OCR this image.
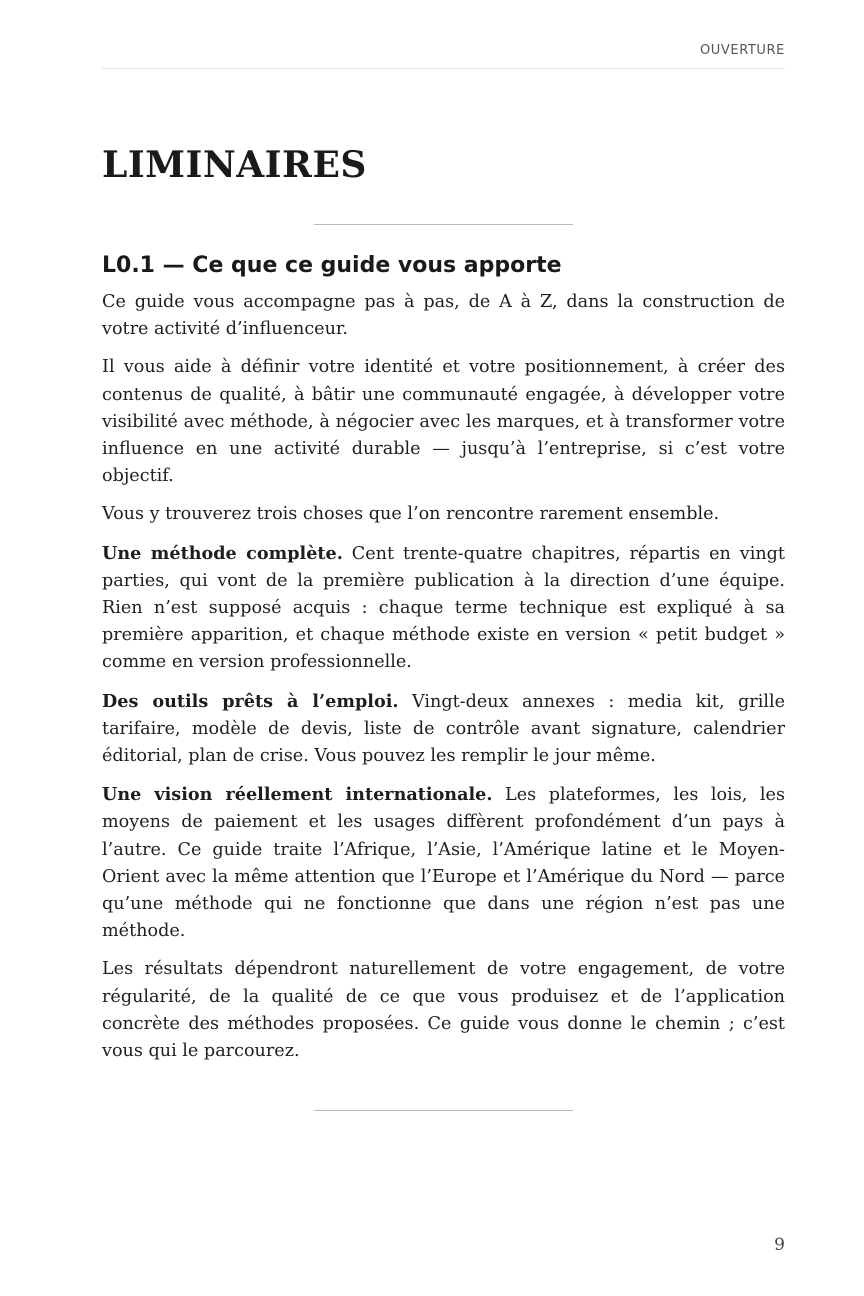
OUVERTURE
LIMINAIRES
L0.1 — Ce que ce guide vous apporte

Ce guide vous accompagne pas à pas, de A à Z, dans la construction de votre activité d’influenceur.

Il vous aide à définir votre identité et votre positionnement, à créer des contenus de qualité, à bâtir une communauté engagée, à développer votre visibilité avec méthode, à négocier avec les marques, et à transformer votre influence en une activité durable — jusqu’à l’entreprise, si c’est votre objectif.

Vous y trouverez trois choses que l’on rencontre rarement ensemble.

Une méthode complète. Cent trente-quatre chapitres, répartis en vingt parties, qui vont de la première publication à la direction d’une équipe. Rien n’est supposé acquis : chaque terme technique est expliqué à sa première apparition, et chaque méthode existe en version « petit budget » comme en version professionnelle.

Des outils prêts à l’emploi. Vingt-deux annexes : media kit, grille tarifaire, modèle de devis, liste de contrôle avant signature, calendrier éditorial, plan de crise. Vous pouvez les remplir le jour même.

Une vision réellement internationale. Les plateformes, les lois, les moyens de paiement et les usages diffèrent profondément d’un pays à l’autre. Ce guide traite l’Afrique, l’Asie, l’Amérique latine et le Moyen-Orient avec la même attention que l’Europe et l’Amérique du Nord — parce qu’une méthode qui ne fonctionne que dans une région n’est pas une méthode.

Les résultats dépendront naturellement de votre engagement, de votre régularité, de la qualité de ce que vous produisez et de l’application concrète des méthodes proposées. Ce guide vous donne le chemin ; c’est vous qui le parcourez.

9
